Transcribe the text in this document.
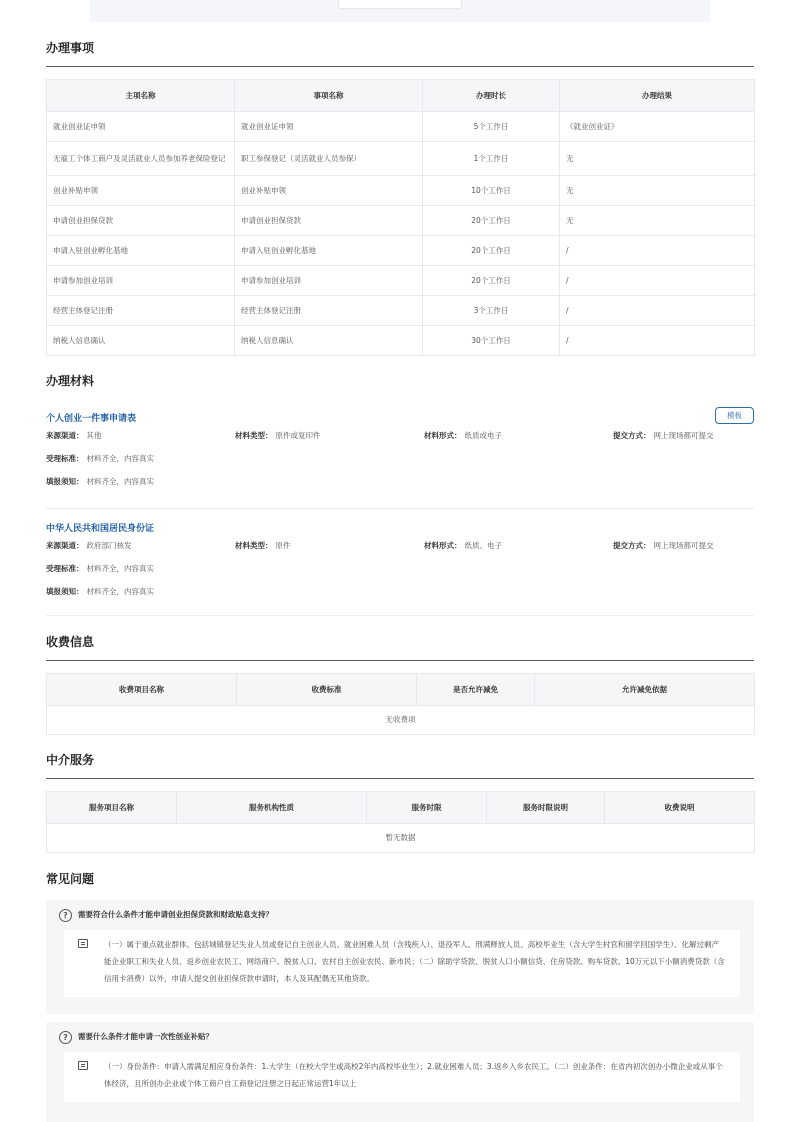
办理事项
主项名称	事项名称	办理时长	办理结果
就业创业证申领	就业创业证申领	5个工作日	《就业创业证》
无雇工个体工商户及灵活就业人员参加养老保险登记	职工参保登记（灵活就业人员参保）	1个工作日	无
创业补贴申领	创业补贴申领	10个工作日	无
申请创业担保贷款	申请创业担保贷款	20个工作日	无
申请入驻创业孵化基地	申请入驻创业孵化基地	20个工作日	/
申请参加创业培训	申请参加创业培训	20个工作日	/
经营主体登记注册	经营主体登记注册	3个工作日	/
纳税人信息确认	纳税人信息确认	30个工作日	/
办理材料
个人创业一件事申请表	模板
来源渠道： 其他	材料类型： 原件或复印件	材料形式： 纸质或电子	提交方式： 网上现场都可提交
受理标准： 材料齐全，内容真实
填报须知： 材料齐全，内容真实
中华人民共和国居民身份证
来源渠道： 政府部门核发	材料类型： 原件	材料形式： 纸质、电子	提交方式： 网上现场都可提交
受理标准： 材料齐全，内容真实
填报须知： 材料齐全，内容真实
收费信息
收费项目名称	收费标准	是否允许减免	允许减免依据
无收费项
中介服务
服务项目名称	服务机构性质	服务时限	服务时限说明	收费说明
暂无数据
常见问题
? 需要符合什么条件才能申请创业担保贷款和财政贴息支持？
（一）属于重点就业群体。包括城镇登记失业人员或登记自主创业人员、就业困难人员（含残疾人）、退役军人、刑满释放人员、高校毕业生（含大学生村官和留学回国学生）、化解过剩产能企业职工和失业人员、返乡创业农民工、网络商户、脱贫人口、农村自主创业农民、新市民；（二）除助学贷款、脱贫人口小额信贷、住房贷款、购车贷款、10万元以下小额消费贷款（含信用卡消费）以外，申请人提交创业担保贷款申请时，本人及其配偶无其他贷款。
? 需要什么条件才能申请一次性创业补贴？
（一）身份条件：申请人需满足相应身份条件：1.大学生（在校大学生或高校2年内高校毕业生）；2.就业困难人员；3.返乡入乡农民工。（二）创业条件：在省内初次创办小微企业或从事个体经济，且所创办企业或个体工商户自工商登记注册之日起正常运营1年以上
